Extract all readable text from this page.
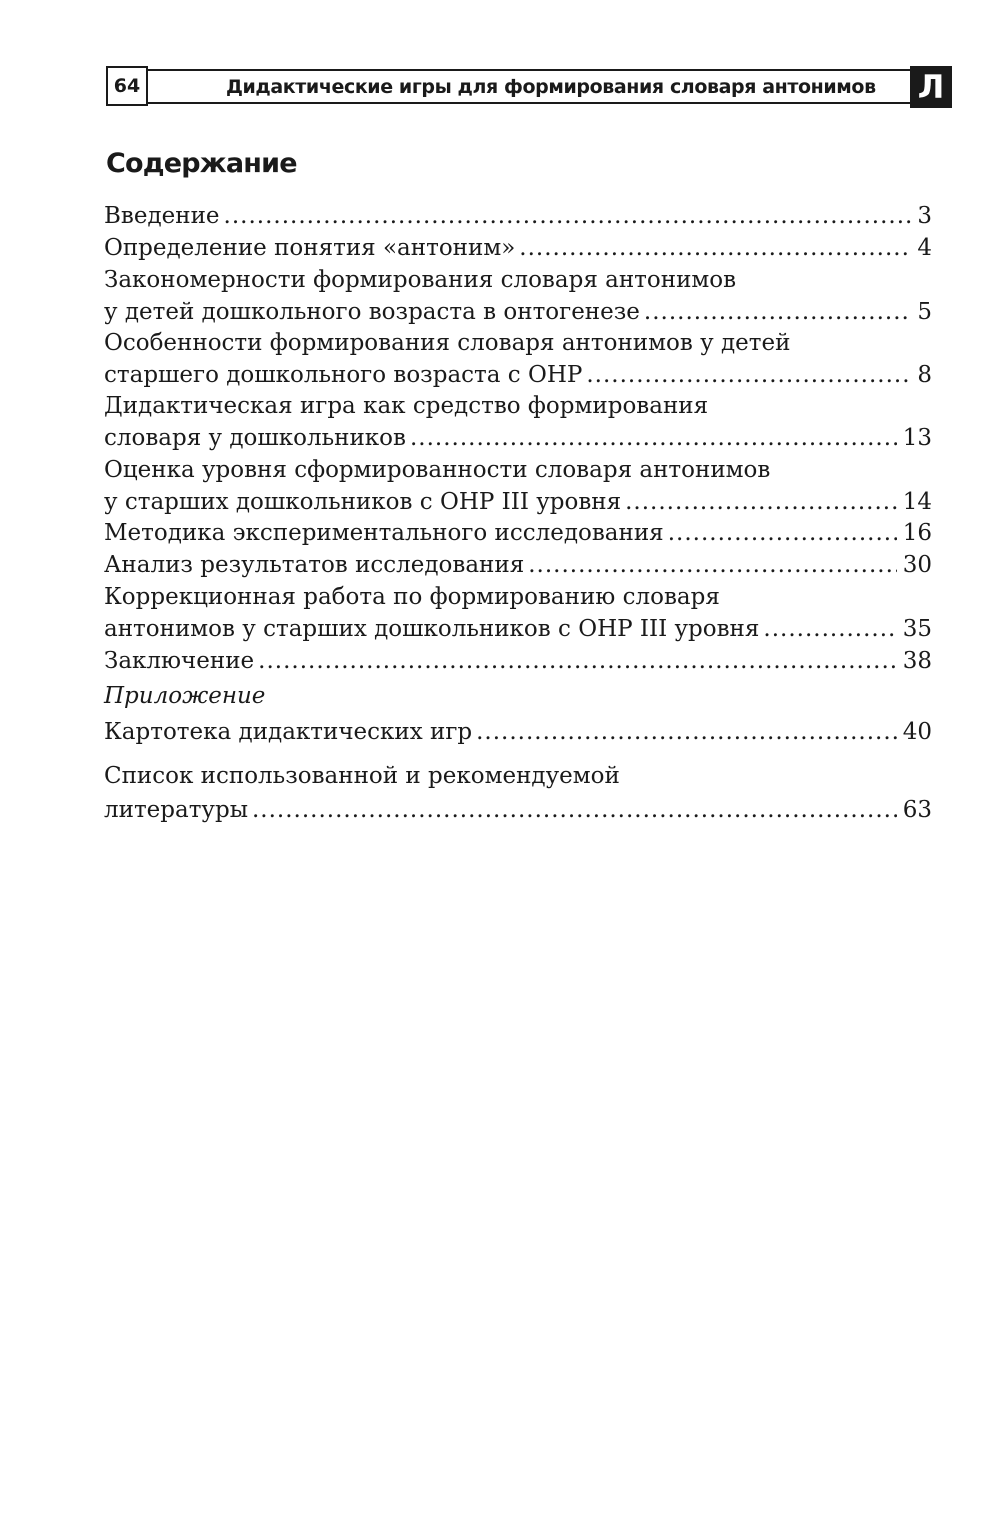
64	Дидактические игры для формирования словаря антонимов Л
Содержание
Введение .....	3
Определение понятия «антоним» .....	4
Закономерности формирования словаря антонимов
у детей дошкольного возраста в онтогенезе .....	5
Особенности формирования словаря антонимов у детей
старшего дошкольного возраста с ОНР .....	8
Дидактическая игра как средство формирования
словаря у дошкольников .....	13
Оценка уровня сформированности словаря антонимов
у старших дошкольников с ОНР III уровня .....	14
Методика экспериментального исследования .....	16
Анализ результатов исследования .....	30
Коррекционная работа по формированию словаря
антонимов у старших дошкольников с ОНР III уровня .....	35
Заключение .....	38
Приложение
Картотека дидактических игр .....	40
Список использованной и рекомендуемой
литературы .....	63
